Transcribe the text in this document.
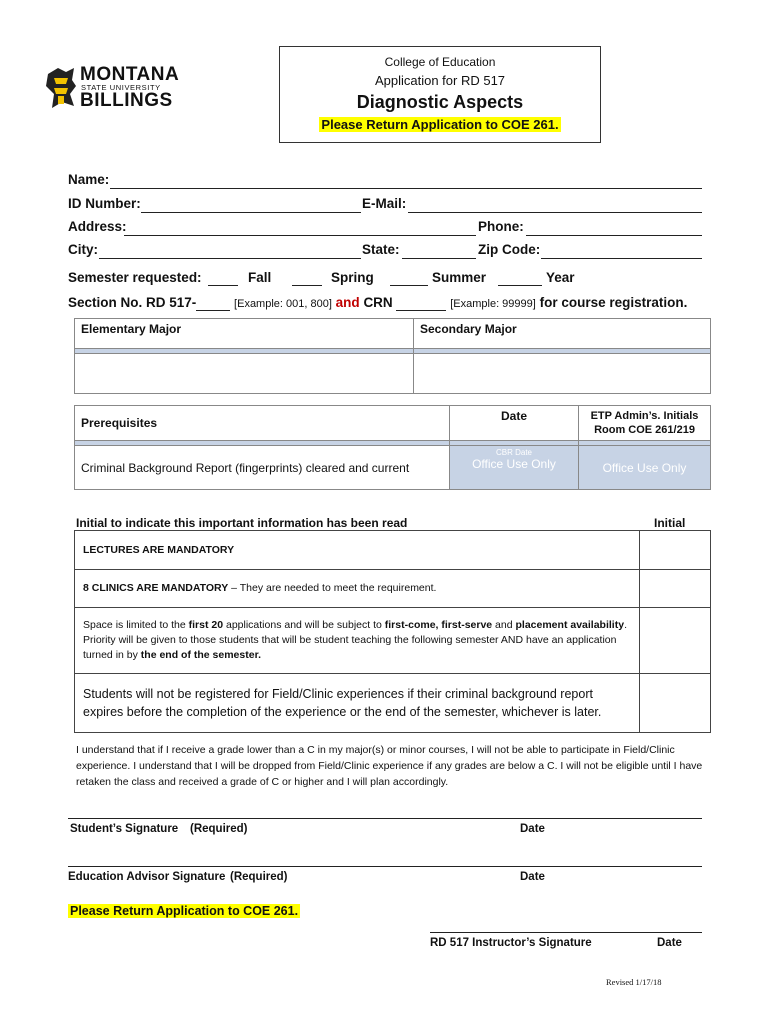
MONTANA
STATE UNIVERSITY
BILLINGS
College of Education
Application for RD 517
Diagnostic Aspects
Please Return Application to COE 261.
Name:
ID Number:	E-Mail:
Address:	Phone:
City:	State:	Zip Code:
Semester requested:	Fall	Spring	Summer	Year
Section No. RD 517-	[Example: 001, 800] and CRN	[Example: 99999] for course registration.
Elementary Major	Secondary Major

Prerequisites	Date	ETP Admin’s. Initials
Room COE 261/219

Criminal Background Report (fingerprints) cleared and current	CBR Date
Office Use Only	Office Use Only
Initial to indicate this important information has been read	Initial
LECTURES ARE MANDATORY	
8 CLINICS ARE MANDATORY – They are needed to meet the requirement.	
Space is limited to the first 20 applications and will be subject to first-come, first-serve and placement availability. Priority will be given to those students that will be student teaching the following semester AND have an application turned in by the end of the semester.	
Students will not be registered for Field/Clinic experiences if their criminal background report expires before the completion of the experience or the end of the semester, whichever is later.	
I understand that if I receive a grade lower than a C in my major(s) or minor courses, I will not be able to participate in Field/Clinic experience. I understand that I will be dropped from Field/Clinic experience if any grades are below a C. I will not be eligible until I have retaken the class and received a grade of C or higher and I will plan accordingly.
Student’s Signature (Required)	Date
Education Advisor Signature (Required)	Date
Please Return Application to COE 261.
RD 517 Instructor’s Signature	Date
Revised 1/17/18
